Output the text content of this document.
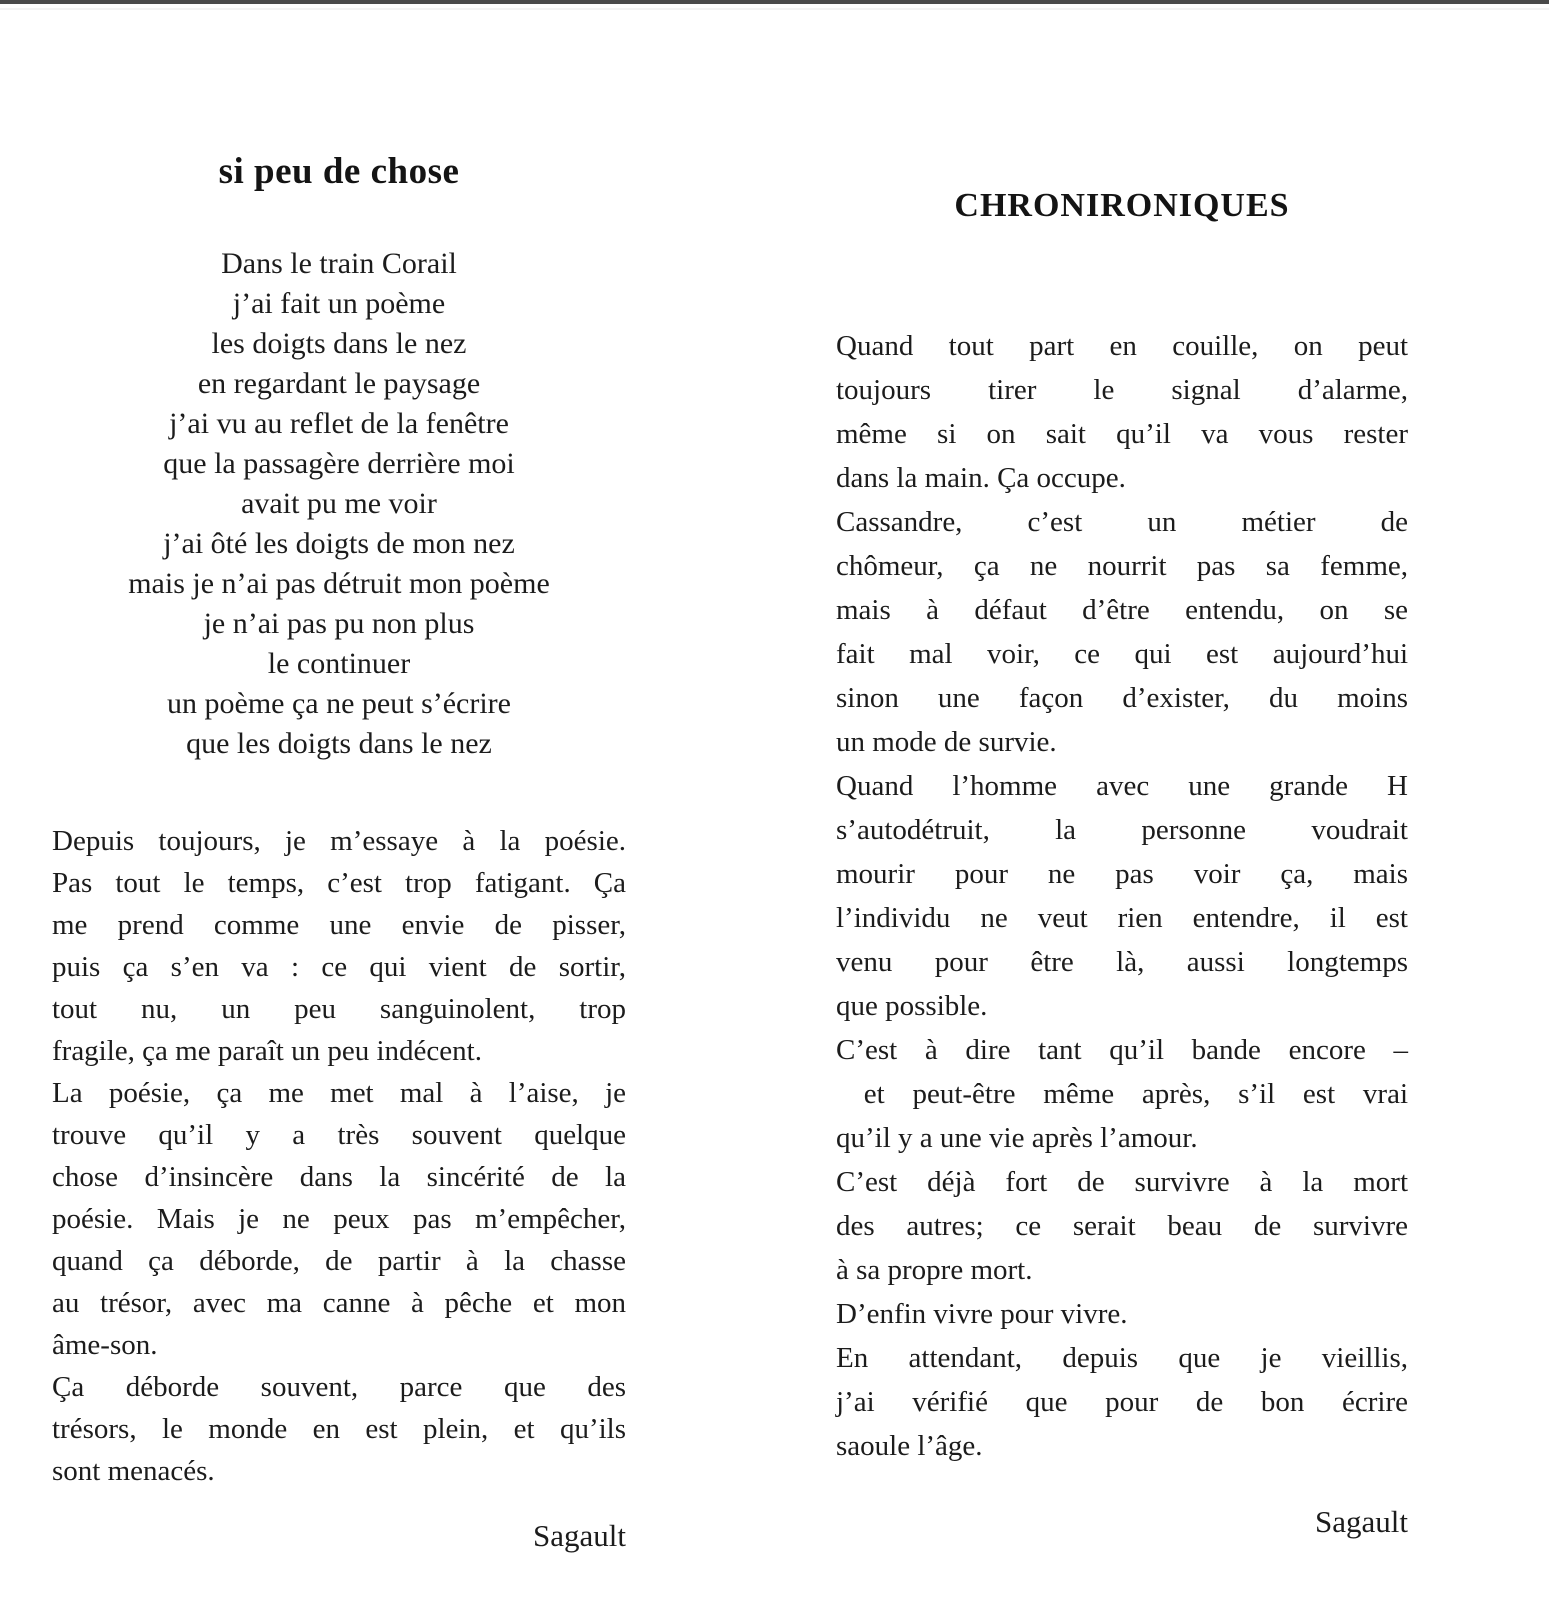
si peu de chose
Dans le train Corail
j’ai fait un poème
les doigts dans le nez
en regardant le paysage
j’ai vu au reflet de la fenêtre
que la passagère derrière moi
avait pu me voir
j’ai ôté les doigts de mon nez
mais je n’ai pas détruit mon poème
je n’ai pas pu non plus
le continuer
un poème ça ne peut s’écrire
que les doigts dans le nez
Depuis toujours, je m’essaye à la poésie.
Pas tout le temps, c’est trop fatigant. Ça
me prend comme une envie de pisser,
puis ça s’en va : ce qui vient de sortir,
tout nu, un peu sanguinolent, trop
fragile, ça me paraît un peu indécent.
La poésie, ça me met mal à l’aise, je
trouve qu’il y a très souvent quelque
chose d’insincère dans la sincérité de la
poésie. Mais je ne peux pas m’empêcher,
quand ça déborde, de partir à la chasse
au trésor, avec ma canne à pêche et mon
âme-son.
Ça déborde souvent, parce que des
trésors, le monde en est plein, et qu’ils
sont menacés.
Sagault
CHRONIRONIQUES
Quand tout part en couille, on peut
toujours tirer le signal d’alarme,
même si on sait qu’il va vous rester
dans la main. Ça occupe.
Cassandre, c’est un métier de
chômeur, ça ne nourrit pas sa femme,
mais à défaut d’être entendu, on se
fait mal voir, ce qui est aujourd’hui
sinon une façon d’exister, du moins
un mode de survie.
Quand l’homme avec une grande H
s’autodétruit, la personne voudrait
mourir pour ne pas voir ça, mais
l’individu ne veut rien entendre, il est
venu pour être là, aussi longtemps
que possible.
C’est à dire tant qu’il bande encore –
et peut-être même après, s’il est vrai
qu’il y a une vie après l’amour.
C’est déjà fort de survivre à la mort
des autres; ce serait beau de survivre
à sa propre mort.
D’enfin vivre pour vivre.
En attendant, depuis que je vieillis,
j’ai vérifié que pour de bon écrire
saoule l’âge.
Sagault
